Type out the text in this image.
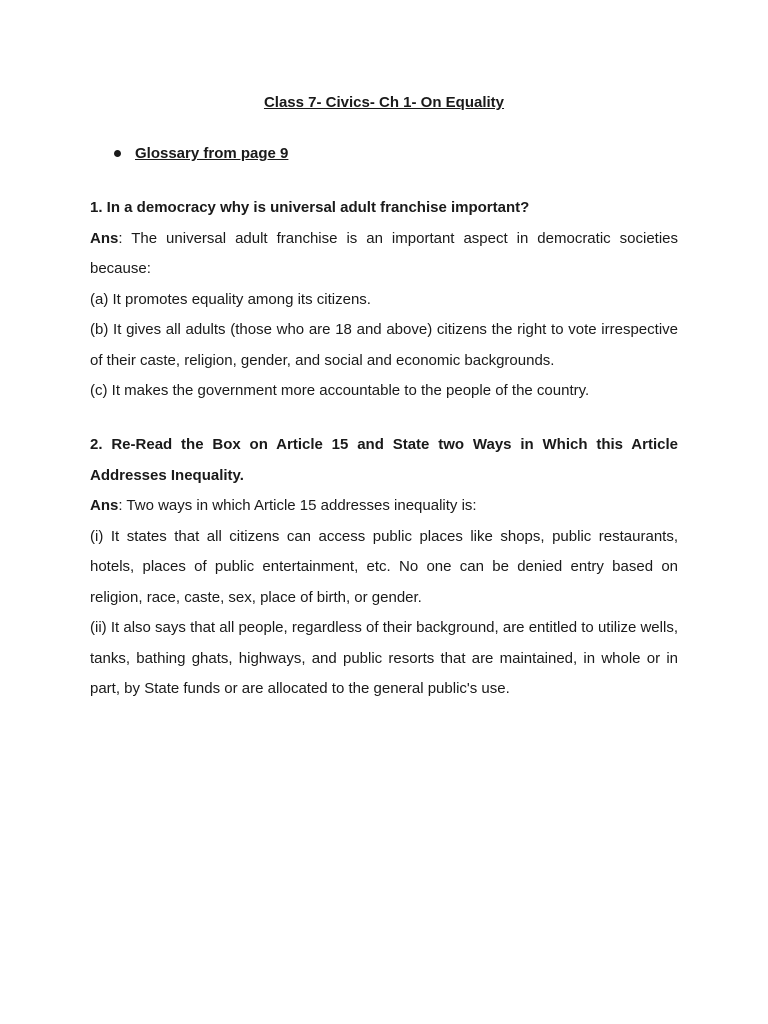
Class 7- Civics- Ch 1- On Equality
Glossary from page 9

1. In a democracy why is universal adult franchise important?

Ans: The universal adult franchise is an important aspect in democratic societies because:

(a) It promotes equality among its citizens.

(b) It gives all adults (those who are 18 and above) citizens the right to vote irrespective of their caste, religion, gender, and social and economic backgrounds.

(c) It makes the government more accountable to the people of the country.

2. Re-Read the Box on Article 15 and State two Ways in Which this Article Addresses Inequality.

Ans: Two ways in which Article 15 addresses inequality is:

(i) It states that all citizens can access public places like shops, public restaurants, hotels, places of public entertainment, etc. No one can be denied entry based on religion, race, caste, sex, place of birth, or gender.

(ii) It also says that all people, regardless of their background, are entitled to utilize wells, tanks, bathing ghats, highways, and public resorts that are maintained, in whole or in part, by State funds or are allocated to the general public's use.
